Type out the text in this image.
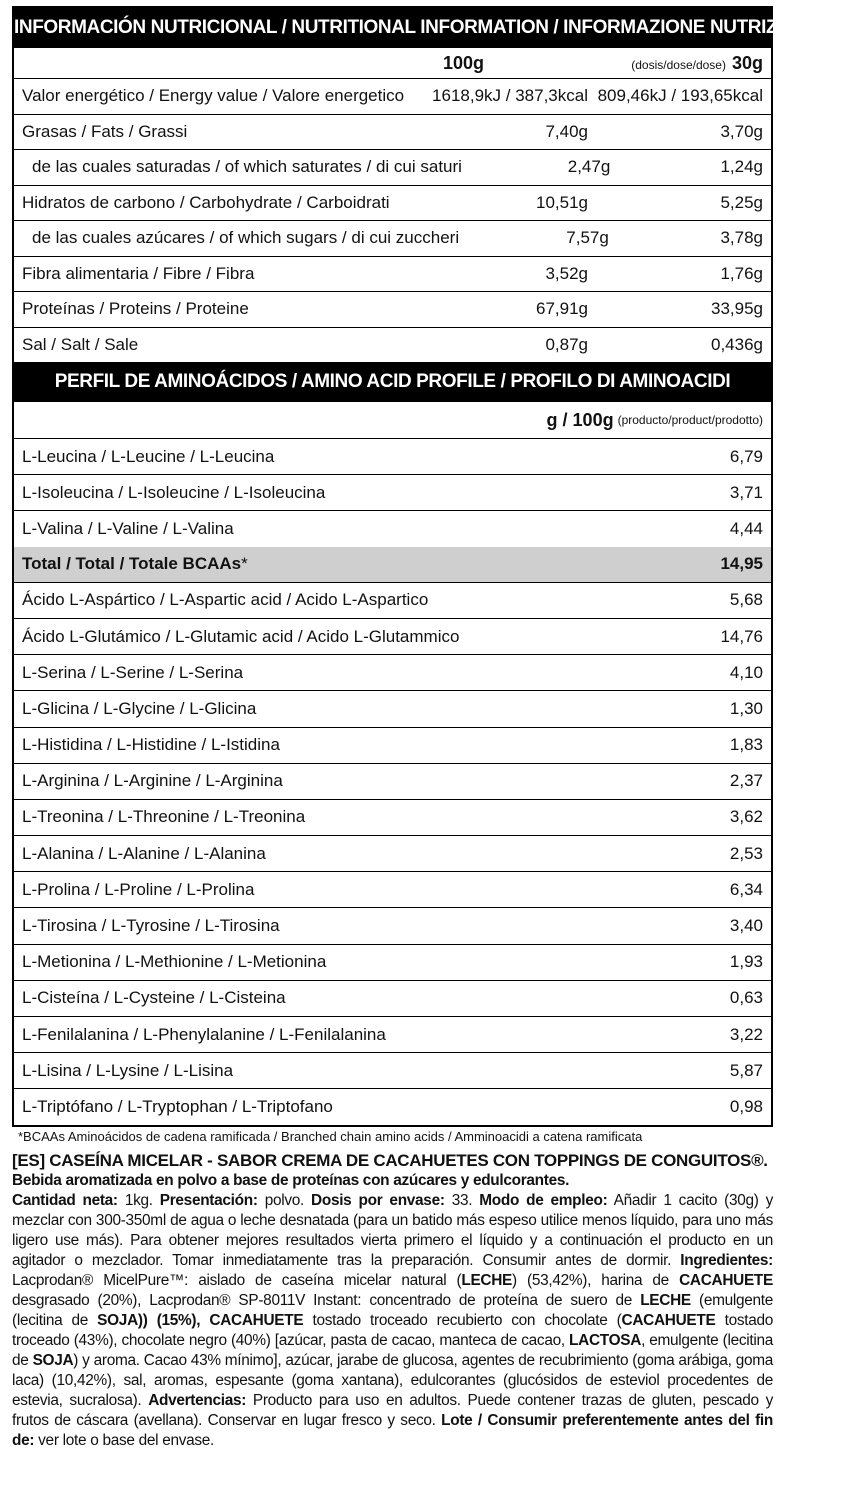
INFORMACIÓN NUTRICIONAL / NUTRITIONAL INFORMATION / INFORMAZIONE NUTRIZIONALE
100g	(dosis/dose/dose) 30g
Valor energético / Energy value / Valore energetico	1618,9kJ / 387,3kcal 809,46kJ / 193,65kcal
Grasas / Fats / Grassi	7,40g	3,70g
de las cuales saturadas / of which saturates / di cui saturi	2,47g	1,24g
Hidratos de carbono / Carbohydrate / Carboidrati	10,51g	5,25g
de las cuales azúcares / of which sugars / di cui zuccheri	7,57g	3,78g
Fibra alimentaria / Fibre / Fibra	3,52g	1,76g
Proteínas / Proteins / Proteine	67,91g	33,95g
Sal / Salt / Sale	0,87g	0,436g
PERFIL DE AMINOÁCIDOS / AMINO ACID PROFILE / PROFILO DI AMINOACIDI
g / 100g (producto/product/prodotto)
L-Leucina / L-Leucine / L-Leucina	6,79
L-Isoleucina / L-Isoleucine / L-Isoleucina	3,71
L-Valina / L-Valine / L-Valina	4,44
Total / Total / Totale BCAAs*	14,95
Ácido L-Aspártico / L-Aspartic acid / Acido L-Aspartico	5,68
Ácido L-Glutámico / L-Glutamic acid / Acido L-Glutammico	14,76
L-Serina / L-Serine / L-Serina	4,10
L-Glicina / L-Glycine / L-Glicina	1,30
L-Histidina / L-Histidine / L-Istidina	1,83
L-Arginina / L-Arginine / L-Arginina	2,37
L-Treonina / L-Threonine / L-Treonina	3,62
L-Alanina / L-Alanine / L-Alanina	2,53
L-Prolina / L-Proline / L-Prolina	6,34
L-Tirosina / L-Tyrosine / L-Tirosina	3,40
L-Metionina / L-Methionine / L-Metionina	1,93
L-Cisteína / L-Cysteine / L-Cisteina	0,63
L-Fenilalanina / L-Phenylalanine / L-Fenilalanina	3,22
L-Lisina / L-Lysine / L-Lisina	5,87
L-Triptófano / L-Tryptophan / L-Triptofano	0,98
*BCAAs Aminoácidos de cadena ramificada / Branched chain amino acids / Amminoacidi a catena ramificata
[ES] CASEÍNA MICELAR - SABOR CREMA DE CACAHUETES CON TOPPINGS DE CONGUITOS®.
Bebida aromatizada en polvo a base de proteínas con azúcares y edulcorantes.
Cantidad neta: 1kg. Presentación: polvo. Dosis por envase: 33. Modo de empleo: Añadir 1 cacito (30g) y mezclar con 300-350ml de agua o leche desnatada (para un batido más espeso utilice menos líquido, para uno más ligero use más). Para obtener mejores resultados vierta primero el líquido y a continuación el producto en un agitador o mezclador. Tomar inmediatamente tras la preparación. Consumir antes de dormir. Ingredientes: Lacprodan® MicelPure™: aislado de caseína micelar natural (LECHE) (53,42%), harina de CACAHUETE desgrasado (20%), Lacprodan® SP-8011V Instant: concentrado de proteína de suero de LECHE (emulgente (lecitina de SOJA)) (15%), CACAHUETE tostado troceado recubierto con chocolate (CACAHUETE tostado troceado (43%), chocolate negro (40%) [azúcar, pasta de cacao, manteca de cacao, LACTOSA, emulgente (lecitina de SOJA) y aroma. Cacao 43% mínimo], azúcar, jarabe de glucosa, agentes de recubrimiento (goma arábiga, goma laca) (10,42%), sal, aromas, espesante (goma xantana), edulcorantes (glucósidos de esteviol procedentes de estevia, sucralosa). Advertencias: Producto para uso en adultos. Puede contener trazas de gluten, pescado y frutos de cáscara (avellana). Conservar en lugar fresco y seco. Lote / Consumir preferentemente antes del fin de: ver lote o base del envase.
